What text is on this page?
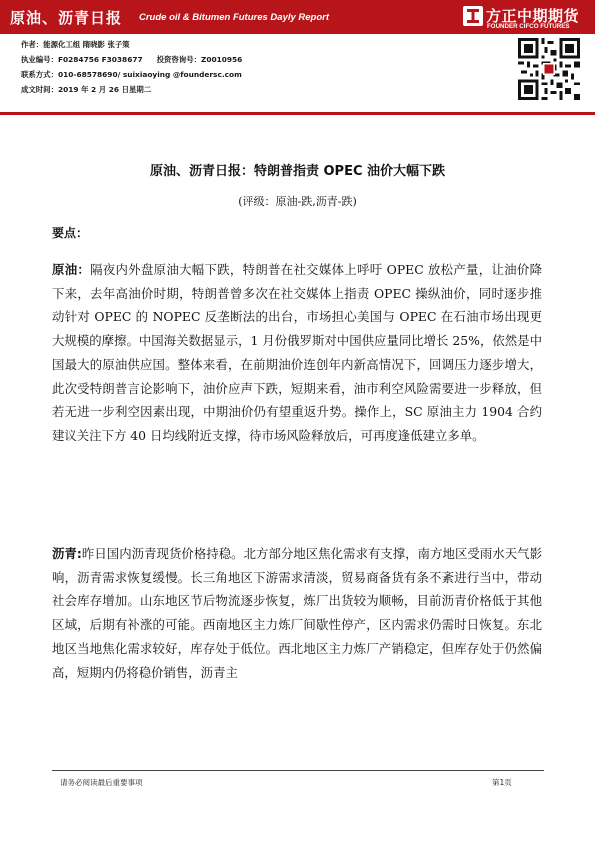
原油、沥青日报 Crude oil & Bitumen Futures Dayly Report	方正中期期货
FOUNDER CIFCO FUTURES
作者：能源化工组 隋晓影 张子策
执业编号：F0284756 F3038677 投资咨询号：Z0010956
联系方式：010-68578690/ suixiaoying @foundersc.com
成文时间：2019 年 2 月 26 日星期二
原油、沥青日报：特朗普指责 OPEC 油价大幅下跌
(评级：原油-跌,沥青-跌)
要点：
原油：隔夜内外盘原油大幅下跌，特朗普在社交媒体上呼吁 OPEC 放松产量，让油价降下来，去年高油价时期，特朗普曾多次在社交媒体上指责 OPEC 操纵油价，同时逐步推动针对 OPEC 的 NOPEC 反垄断法的出台，市场担心美国与 OPEC 在石油市场出现更大规模的摩擦。中国海关数据显示，1 月份俄罗斯对中国供应量同比增长 25%，依然是中国最大的原油供应国。整体来看，在前期油价连创年内新高情况下，回调压力逐步增大，此次受特朗普言论影响下，油价应声下跌，短期来看，油市利空风险需要进一步释放，但若无进一步利空因素出现，中期油价仍有望重返升势。操作上，SC 原油主力 1904 合约建议关注下方 40 日均线附近支撑，待市场风险释放后，可再度逢低建立多单。
沥青:昨日国内沥青现货价格持稳。北方部分地区焦化需求有支撑，南方地区受雨水天气影响，沥青需求恢复缓慢。长三角地区下游需求清淡，贸易商备货有条不紊进行当中，带动社会库存增加。山东地区节后物流逐步恢复，炼厂出货较为顺畅，目前沥青价格低于其他区域，后期有补涨的可能。西南地区主力炼厂间歇性停产，区内需求仍需时日恢复。东北地区当地焦化需求较好，库存处于低位。西北地区主力炼厂产销稳定，但库存处于仍然偏高，短期内仍将稳价销售，沥青主
请务必阅读最后重要事项	第1页
